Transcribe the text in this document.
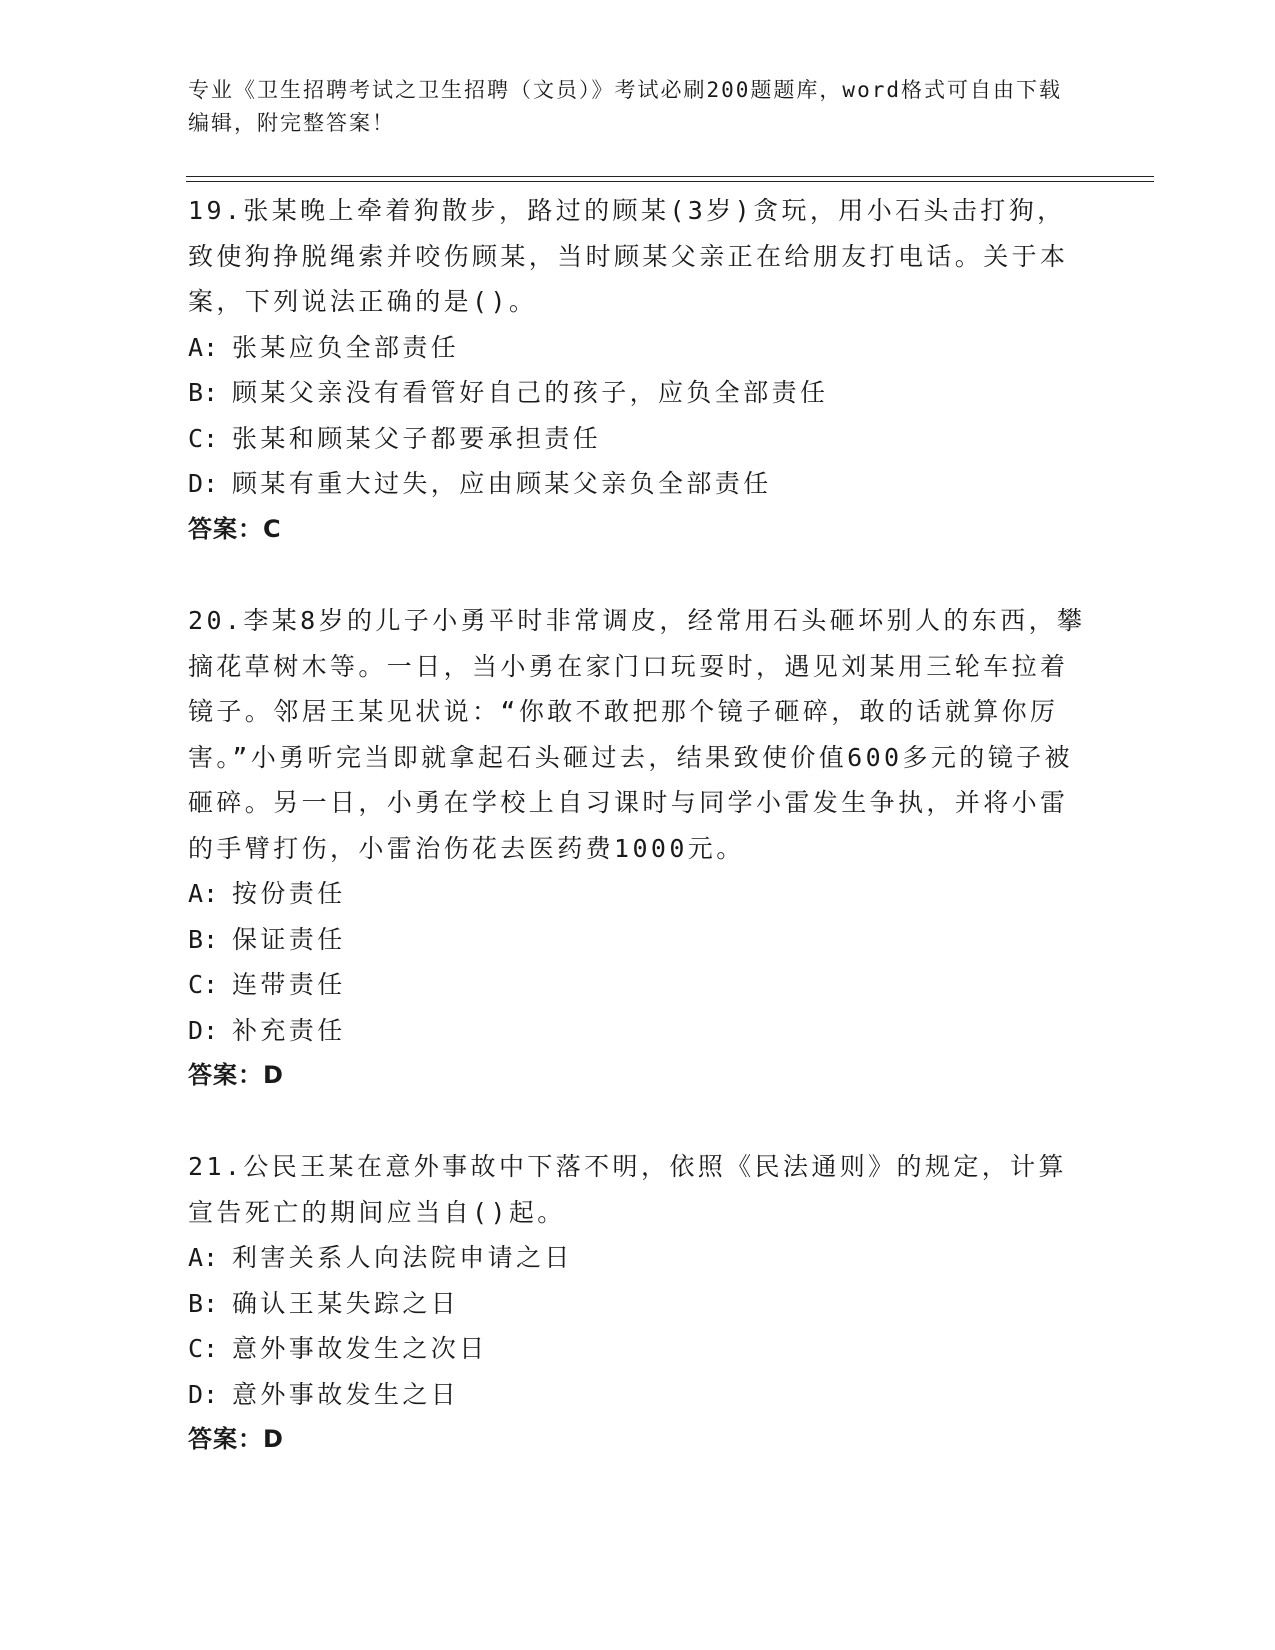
专业《卫生招聘考试之卫生招聘（文员）》考试必刷200题题库，word格式可自由下载编辑，附完整答案！
19.张某晚上牵着狗散步，路过的顾某(3岁)贪玩，用小石头击打狗，致使狗挣脱绳索并咬伤顾某，当时顾某父亲正在给朋友打电话。关于本案，下列说法正确的是()。
A: 张某应负全部责任
B: 顾某父亲没有看管好自己的孩子，应负全部责任
C: 张某和顾某父子都要承担责任
D: 顾某有重大过失，应由顾某父亲负全部责任
答案：C
20.李某8岁的儿子小勇平时非常调皮，经常用石头砸坏别人的东西，攀摘花草树木等。一日，当小勇在家门口玩耍时，遇见刘某用三轮车拉着镜子。邻居王某见状说：“你敢不敢把那个镜子砸碎，敢的话就算你厉害。”小勇听完当即就拿起石头砸过去，结果致使价值600多元的镜子被砸碎。另一日，小勇在学校上自习课时与同学小雷发生争执，并将小雷的手臂打伤，小雷治伤花去医药费1000元。
A: 按份责任
B: 保证责任
C: 连带责任
D: 补充责任
答案：D
21.公民王某在意外事故中下落不明，依照《民法通则》的规定，计算宣告死亡的期间应当自()起。
A: 利害关系人向法院申请之日
B: 确认王某失踪之日
C: 意外事故发生之次日
D: 意外事故发生之日
答案：D
